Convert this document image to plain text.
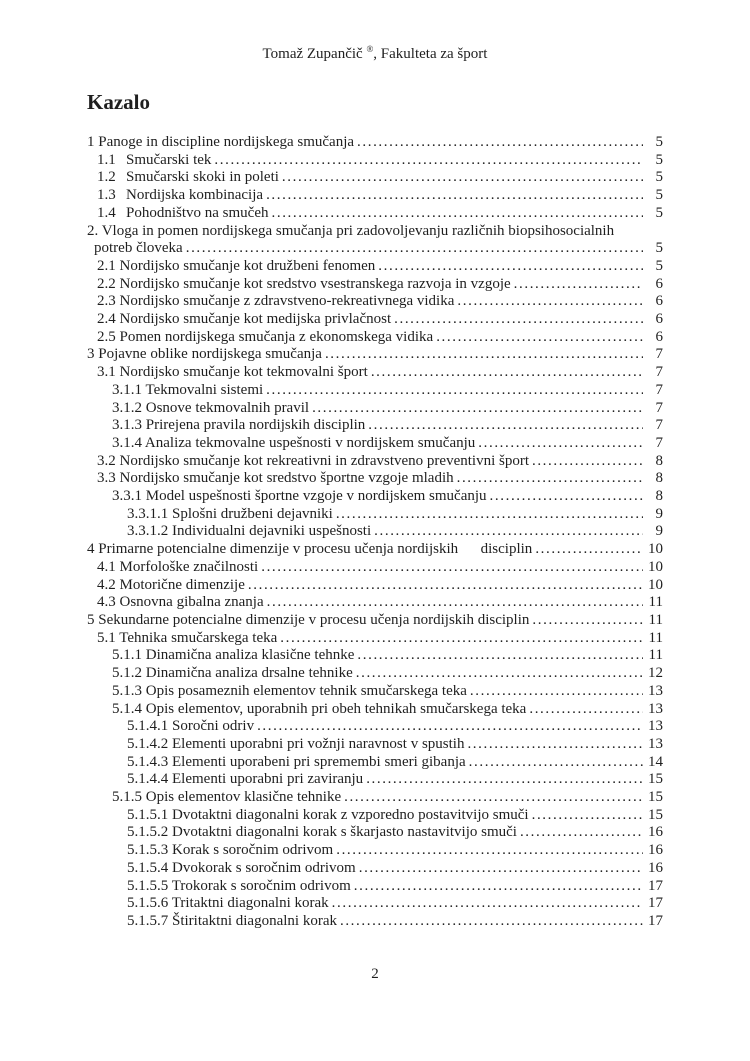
Tomaž Zupančič ®, Fakulteta za šport
Kazalo
1 Panoge in discipline nordijskega smučanja .....	5
1.1 Smučarski tek .....	5
1.2 Smučarski skoki in poleti .....	5
1.3 Nordijska kombinacija .....	5
1.4 Pohodništvo na smučeh .....	5
2. Vloga in pomen nordijskega smučanja pri zadovoljevanju različnih biopsihosocialnih
potreb človeka .....	5
2.1 Nordijsko smučanje kot družbeni fenomen .....	5
2.2 Nordijsko smučanje kot sredstvo vsestranskega razvoja in vzgoje .....	6
2.3 Nordijsko smučanje z zdravstveno-rekreativnega vidika .....	6
2.4 Nordijsko smučanje kot medijska privlačnost .....	6
2.5 Pomen nordijskega smučanja z ekonomskega vidika .....	6
3 Pojavne oblike nordijskega smučanja .....	7
3.1 Nordijsko smučanje kot tekmovalni šport .....	7
3.1.1 Tekmovalni sistemi .....	7
3.1.2 Osnove tekmovalnih pravil .....	7
3.1.3 Prirejena pravila nordijskih disciplin .....	7
3.1.4 Analiza tekmovalne uspešnosti v nordijskem smučanju .....	7
3.2 Nordijsko smučanje kot rekreativni in zdravstveno preventivni šport .....	8
3.3 Nordijsko smučanje kot sredstvo športne vzgoje mladih .....	8
3.3.1 Model uspešnosti športne vzgoje v nordijskem smučanju .....	8
3.3.1.1 Splošni družbeni dejavniki .....	9
3.3.1.2 Individualni dejavniki uspešnosti .....	9
4 Primarne potencialne dimenzije v procesu učenja nordijskih      disciplin .....	10
4.1 Morfološke značilnosti .....	10
4.2 Motorične dimenzije .....	10
4.3 Osnovna gibalna znanja .....	11
5 Sekundarne potencialne dimenzije v procesu učenja nordijskih disciplin .....	11
5.1 Tehnika smučarskega teka .....	11
5.1.1 Dinamična analiza klasične tehnke .....	11
5.1.2 Dinamična analiza drsalne tehnike .....	12
5.1.3 Opis posameznih elementov tehnik smučarskega teka .....	13
5.1.4 Opis elementov, uporabnih pri obeh tehnikah smučarskega teka .....	13
5.1.4.1 Soročni odriv .....	13
5.1.4.2 Elementi uporabni pri vožnji naravnost v spustih .....	13
5.1.4.3 Elementi uporabeni pri spremembi smeri gibanja .....	14
5.1.4.4 Elementi uporabni pri zaviranju .....	15
5.1.5 Opis elementov klasične tehnike .....	15
5.1.5.1 Dvotaktni diagonalni korak z vzporedno postavitvijo smuči .....	15
5.1.5.2 Dvotaktni diagonalni korak s škarjasto nastavitvijo smuči .....	16
5.1.5.3 Korak s soročnim odrivom .....	16
5.1.5.4 Dvokorak s soročnim odrivom .....	16
5.1.5.5 Trokorak s soročnim odrivom .....	17
5.1.5.6 Tritaktni diagonalni korak .....	17
5.1.5.7 Štiritaktni diagonalni korak .....	17
2
